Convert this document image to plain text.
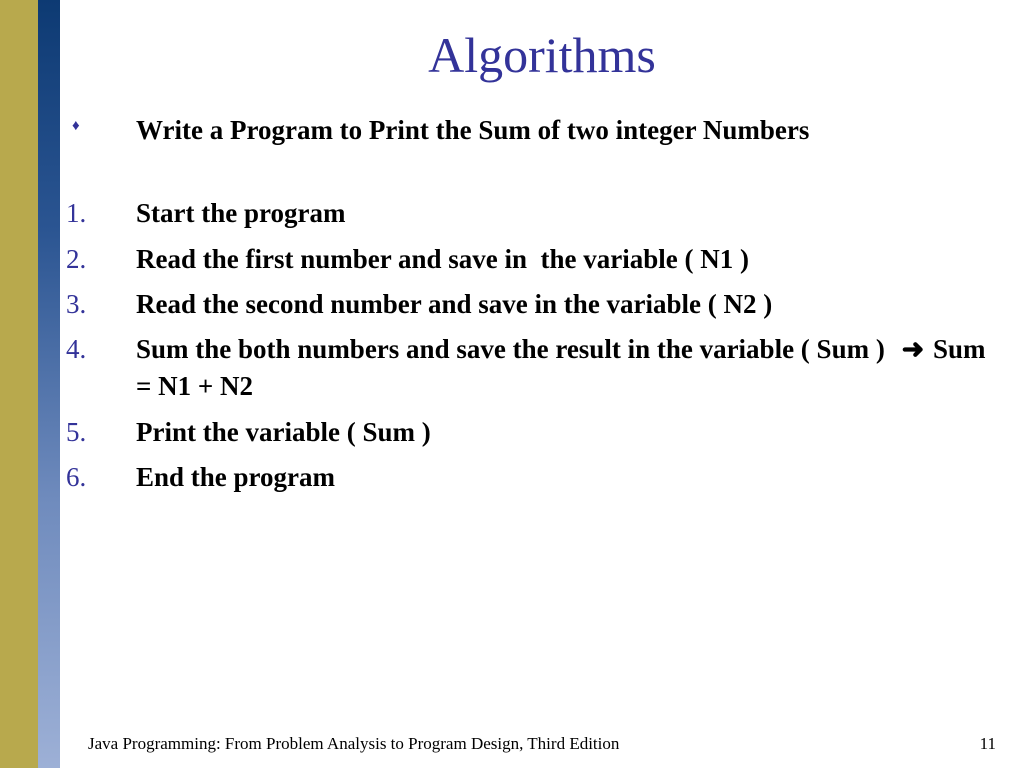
Algorithms
♦ Write a Program to Print the Sum of two integer Numbers
1. Start the program
2. Read the first number and save in  the variable ( N1 )
3. Read the second number and save in the variable ( N2 )
4. Sum the both numbers and save the result in the variable ( Sum ) ➜ Sum = N1 + N2
5. Print the variable ( Sum )
6. End the program
Java Programming: From Problem Analysis to Program Design, Third Edition	11
